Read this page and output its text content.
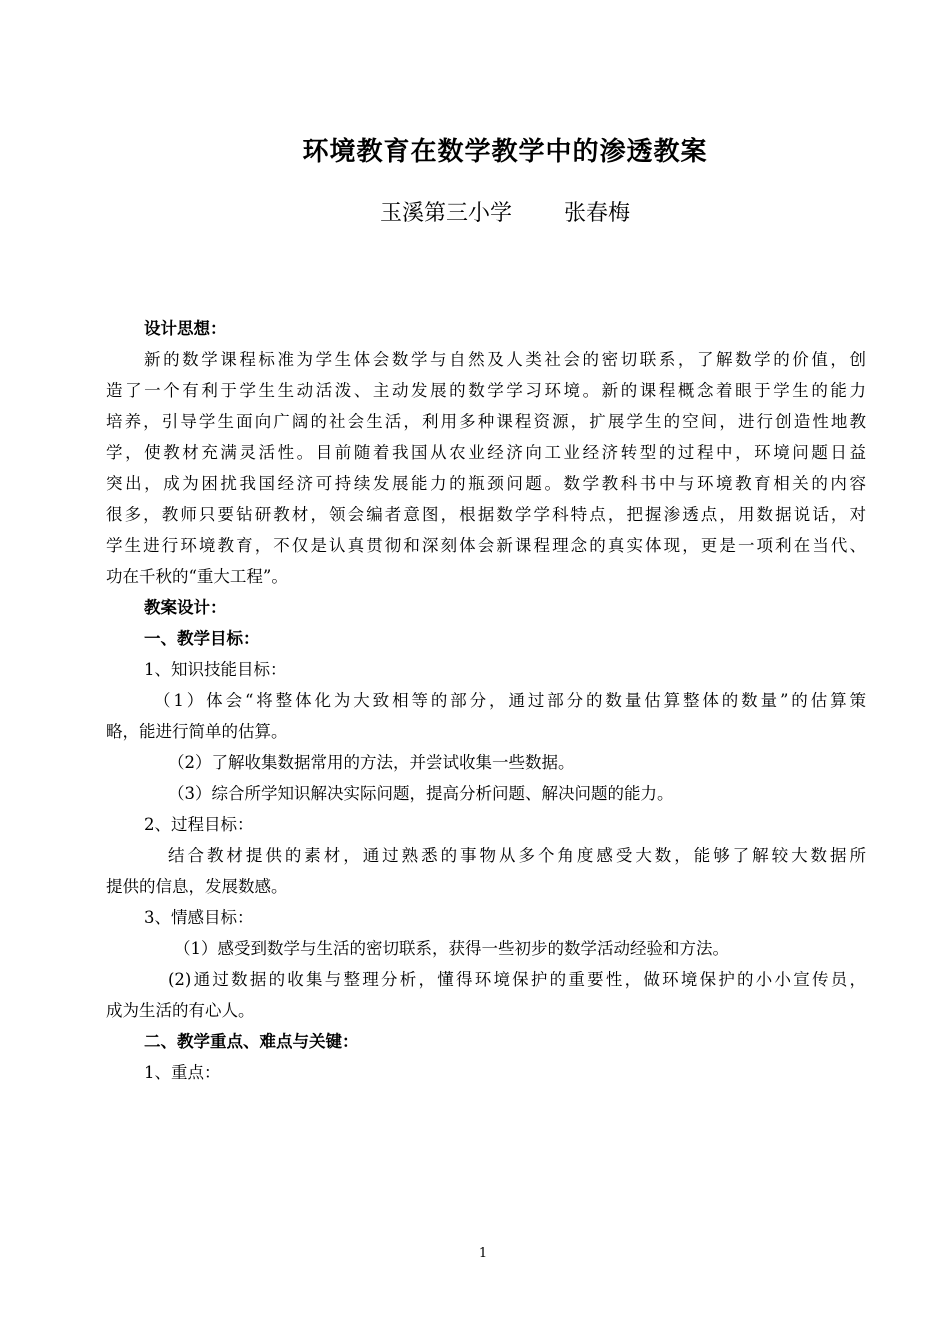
环境教育在数学教学中的渗透教案
玉溪第三小学 张春梅
设计思想：
新的数学课程标准为学生体会数学与自然及人类社会的密切联系，了解数学的价值，创
造了一个有利于学生生动活泼、主动发展的数学学习环境。新的课程概念着眼于学生的能力
培养，引导学生面向广阔的社会生活，利用多种课程资源，扩展学生的空间，进行创造性地教
学，使教材充满灵活性。目前随着我国从农业经济向工业经济转型的过程中，环境问题日益
突出，成为困扰我国经济可持续发展能力的瓶颈问题。数学教科书中与环境教育相关的内容
很多，教师只要钻研教材，领会编者意图，根据数学学科特点，把握渗透点，用数据说话，对
学生进行环境教育，不仅是认真贯彻和深刻体会新课程理念的真实体现，更是一项利在当代、
功在千秋的“重大工程”。
教案设计：
一、教学目标：
1、知识技能目标：
（1）体会“将整体化为大致相等的部分，通过部分的数量估算整体的数量”的估算策
略，能进行简单的估算。
（2）了解收集数据常用的方法，并尝试收集一些数据。
（3）综合所学知识解决实际问题，提高分析问题、解决问题的能力。
2、过程目标：
结合教材提供的素材，通过熟悉的事物从多个角度感受大数，能够了解较大数据所
提供的信息，发展数感。
3、情感目标：
（1）感受到数学与生活的密切联系，获得一些初步的数学活动经验和方法。
(2)通过数据的收集与整理分析，懂得环境保护的重要性，做环境保护的小小宣传员，
成为生活的有心人。
二、教学重点、难点与关键：
1、重点：
1
